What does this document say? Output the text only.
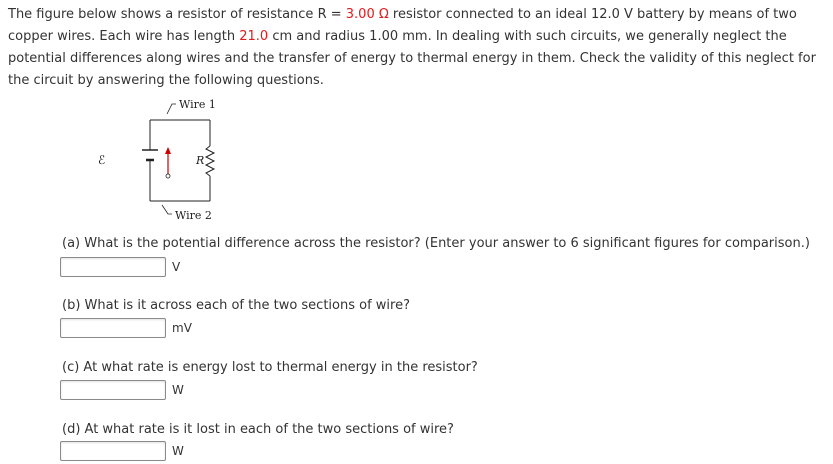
The figure below shows a resistor of resistance R = 3.00 Ω resistor connected to an ideal 12.0 V battery by means of two copper wires. Each wire has length 21.0 cm and radius 1.00 mm. In dealing with such circuits, we generally neglect the potential differences along wires and the transfer of energy to thermal energy in them. Check the validity of this neglect for the circuit by answering the following questions.
Wire 1
Wire 2
ℰ	R
(a) What is the potential difference across the resistor? (Enter your answer to 6 significant figures for comparison.)
V
(b) What is it across each of the two sections of wire?
mV
(c) At what rate is energy lost to thermal energy in the resistor?
W
(d) At what rate is it lost in each of the two sections of wire?
W
